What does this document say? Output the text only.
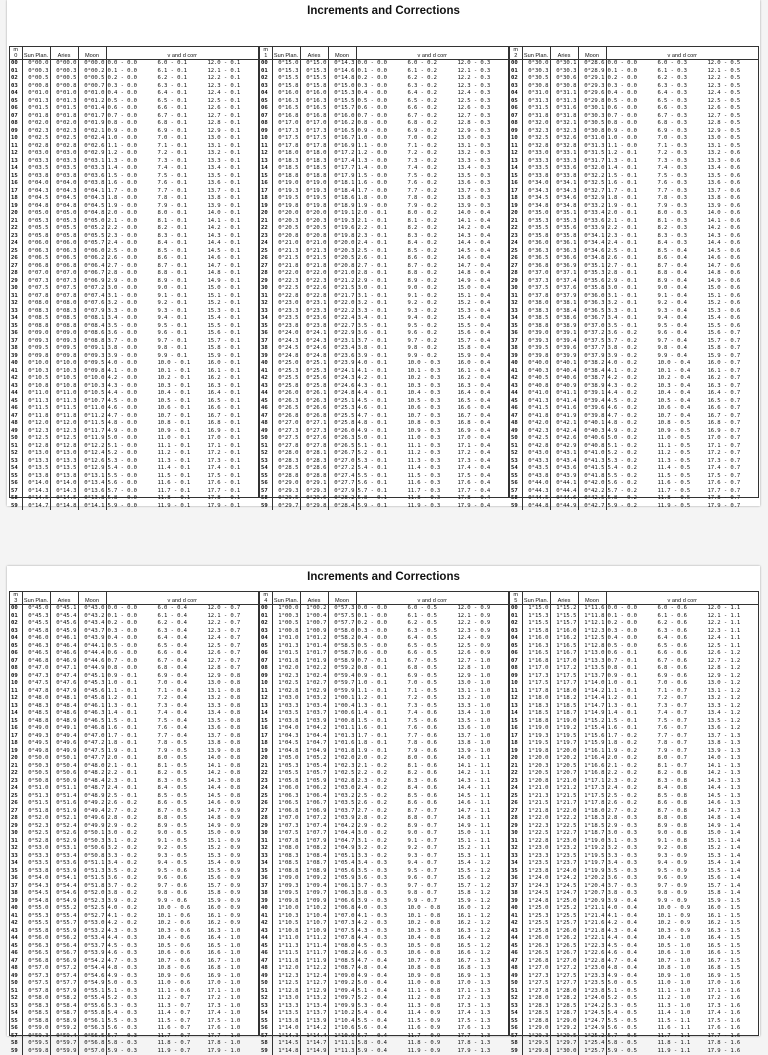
Increments and Corrections
m
0	Sun Plan.	Aries	Moon	v and d corr
00	0°00.0	0°00.0	0°00.0	0.0 - 0.0 6.0 - 0.1 12.0 - 0.1
01	0°00.3	0°00.3	0°00.2	0.1 - 0.0 6.1 - 0.1 12.1 - 0.1
02	0°00.5	0°00.5	0°00.5	0.2 - 0.0 6.2 - 0.1 12.2 - 0.1
03	0°00.8	0°00.8	0°00.7	0.3 - 0.0 6.3 - 0.1 12.3 - 0.1
04	0°01.0	0°01.0	0°01.0	0.4 - 0.0 6.4 - 0.1 12.4 - 0.1
05	0°01.3	0°01.3	0°01.2	0.5 - 0.0 6.5 - 0.1 12.5 - 0.1
06	0°01.5	0°01.5	0°01.4	0.6 - 0.0 6.6 - 0.1 12.6 - 0.1
07	0°01.8	0°01.8	0°01.7	0.7 - 0.0 6.7 - 0.1 12.7 - 0.1
08	0°02.0	0°02.0	0°01.9	0.8 - 0.0 6.8 - 0.1 12.8 - 0.1
09	0°02.3	0°02.3	0°02.1	0.9 - 0.0 6.9 - 0.1 12.9 - 0.1
10	0°02.5	0°02.5	0°02.4	1.0 - 0.0 7.0 - 0.1 13.0 - 0.1
11	0°02.8	0°02.8	0°02.6	1.1 - 0.0 7.1 - 0.1 13.1 - 0.1
12	0°03.0	0°03.0	0°02.9	1.2 - 0.0 7.2 - 0.1 13.2 - 0.1
13	0°03.3	0°03.3	0°03.1	1.3 - 0.0 7.3 - 0.1 13.3 - 0.1
14	0°03.5	0°03.5	0°03.3	1.4 - 0.0 7.4 - 0.1 13.4 - 0.1
15	0°03.8	0°03.8	0°03.6	1.5 - 0.0 7.5 - 0.1 13.5 - 0.1
16	0°04.0	0°04.0	0°03.8	1.6 - 0.0 7.6 - 0.1 13.6 - 0.1
17	0°04.3	0°04.3	0°04.1	1.7 - 0.0 7.7 - 0.1 13.7 - 0.1
18	0°04.5	0°04.5	0°04.3	1.8 - 0.0 7.8 - 0.1 13.8 - 0.1
19	0°04.8	0°04.8	0°04.5	1.9 - 0.0 7.9 - 0.1 13.9 - 0.1
20	0°05.0	0°05.0	0°04.8	2.0 - 0.0 8.0 - 0.1 14.0 - 0.1
21	0°05.3	0°05.3	0°05.0	2.1 - 0.0 8.1 - 0.1 14.1 - 0.1
22	0°05.5	0°05.5	0°05.2	2.2 - 0.0 8.2 - 0.1 14.2 - 0.1
23	0°05.8	0°05.8	0°05.5	2.3 - 0.0 8.3 - 0.1 14.3 - 0.1
24	0°06.0	0°06.0	0°05.7	2.4 - 0.0 8.4 - 0.1 14.4 - 0.1
25	0°06.3	0°06.3	0°06.0	2.5 - 0.0 8.5 - 0.1 14.5 - 0.1
26	0°06.5	0°06.5	0°06.2	2.6 - 0.0 8.6 - 0.1 14.6 - 0.1
27	0°06.8	0°06.8	0°06.4	2.7 - 0.0 8.7 - 0.1 14.7 - 0.1
28	0°07.0	0°07.0	0°06.7	2.8 - 0.0 8.8 - 0.1 14.8 - 0.1
29	0°07.3	0°07.3	0°06.9	2.9 - 0.0 8.9 - 0.1 14.9 - 0.1
30	0°07.5	0°07.5	0°07.2	3.0 - 0.0 9.0 - 0.1 15.0 - 0.1
31	0°07.8	0°07.8	0°07.4	3.1 - 0.0 9.1 - 0.1 15.1 - 0.1
32	0°08.0	0°08.0	0°07.6	3.2 - 0.0 9.2 - 0.1 15.2 - 0.1
33	0°08.3	0°08.3	0°07.9	3.3 - 0.0 9.3 - 0.1 15.3 - 0.1
34	0°08.5	0°08.5	0°08.1	3.4 - 0.0 9.4 - 0.1 15.4 - 0.1
35	0°08.8	0°08.8	0°08.4	3.5 - 0.0 9.5 - 0.1 15.5 - 0.1
36	0°09.0	0°09.0	0°08.6	3.6 - 0.0 9.6 - 0.1 15.6 - 0.1
37	0°09.3	0°09.3	0°08.8	3.7 - 0.0 9.7 - 0.1 15.7 - 0.1
38	0°09.5	0°09.5	0°09.1	3.8 - 0.0 9.8 - 0.1 15.8 - 0.1
39	0°09.8	0°09.8	0°09.3	3.9 - 0.0 9.9 - 0.1 15.9 - 0.1
40	0°10.0	0°10.0	0°09.5	4.0 - 0.0 10.0 - 0.1 16.0 - 0.1
41	0°10.3	0°10.3	0°09.8	4.1 - 0.0 10.1 - 0.1 16.1 - 0.1
42	0°10.5	0°10.5	0°10.0	4.2 - 0.0 10.2 - 0.1 16.2 - 0.1
43	0°10.8	0°10.8	0°10.3	4.3 - 0.0 10.3 - 0.1 16.3 - 0.1
44	0°11.0	0°11.0	0°10.5	4.4 - 0.0 10.4 - 0.1 16.4 - 0.1
45	0°11.3	0°11.3	0°10.7	4.5 - 0.0 10.5 - 0.1 16.5 - 0.1
46	0°11.5	0°11.5	0°11.0	4.6 - 0.0 10.6 - 0.1 16.6 - 0.1
47	0°11.8	0°11.8	0°11.2	4.7 - 0.0 10.7 - 0.1 16.7 - 0.1
48	0°12.0	0°12.0	0°11.5	4.8 - 0.0 10.8 - 0.1 16.8 - 0.1
49	0°12.3	0°12.3	0°11.7	4.9 - 0.0 10.9 - 0.1 16.9 - 0.1
50	0°12.5	0°12.5	0°11.9	5.0 - 0.0 11.0 - 0.1 17.0 - 0.1
51	0°12.8	0°12.8	0°12.2	5.1 - 0.0 11.1 - 0.1 17.1 - 0.1
52	0°13.0	0°13.0	0°12.4	5.2 - 0.0 11.2 - 0.1 17.2 - 0.1
53	0°13.3	0°13.3	0°12.6	5.3 - 0.0 11.3 - 0.1 17.3 - 0.1
54	0°13.5	0°13.5	0°12.9	5.4 - 0.0 11.4 - 0.1 17.4 - 0.1
55	0°13.8	0°13.8	0°13.1	5.5 - 0.0 11.5 - 0.1 17.5 - 0.1
56	0°14.0	0°14.0	0°13.4	5.6 - 0.0 11.6 - 0.1 17.6 - 0.1
57	0°14.3	0°14.3	0°13.6	5.7 - 0.0 11.7 - 0.1 17.7 - 0.1
58	0°14.5	0°14.5	0°13.8	5.8 - 0.0 11.8 - 0.1 17.8 - 0.1
59	0°14.7	0°14.8	0°14.1	5.9 - 0.0 11.9 - 0.1 17.9 - 0.1
m
1	Sun Plan.	Aries	Moon	v and d corr
00	0°15.0	0°15.0	0°14.3	0.0 - 0.0 6.0 - 0.2 12.0 - 0.3
01	0°15.3	0°15.3	0°14.6	0.1 - 0.0 6.1 - 0.2 12.1 - 0.3
02	0°15.5	0°15.5	0°14.8	0.2 - 0.0 6.2 - 0.2 12.2 - 0.3
03	0°15.8	0°15.8	0°15.0	0.3 - 0.0 6.3 - 0.2 12.3 - 0.3
04	0°16.0	0°16.0	0°15.3	0.4 - 0.0 6.4 - 0.2 12.4 - 0.3
05	0°16.3	0°16.3	0°15.5	0.5 - 0.0 6.5 - 0.2 12.5 - 0.3
06	0°16.5	0°16.5	0°15.7	0.6 - 0.0 6.6 - 0.2 12.6 - 0.3
07	0°16.8	0°16.8	0°16.0	0.7 - 0.0 6.7 - 0.2 12.7 - 0.3
08	0°17.0	0°17.0	0°16.2	0.8 - 0.0 6.8 - 0.2 12.8 - 0.3
09	0°17.3	0°17.3	0°16.5	0.9 - 0.0 6.9 - 0.2 12.9 - 0.3
10	0°17.5	0°17.5	0°16.7	1.0 - 0.0 7.0 - 0.2 13.0 - 0.3
11	0°17.8	0°17.8	0°16.9	1.1 - 0.0 7.1 - 0.2 13.1 - 0.3
12	0°18.0	0°18.0	0°17.2	1.2 - 0.0 7.2 - 0.2 13.2 - 0.3
13	0°18.3	0°18.3	0°17.4	1.3 - 0.0 7.3 - 0.2 13.3 - 0.3
14	0°18.5	0°18.5	0°17.7	1.4 - 0.0 7.4 - 0.2 13.4 - 0.3
15	0°18.8	0°18.8	0°17.9	1.5 - 0.0 7.5 - 0.2 13.5 - 0.3
16	0°19.0	0°19.0	0°18.1	1.6 - 0.0 7.6 - 0.2 13.6 - 0.3
17	0°19.3	0°19.3	0°18.4	1.7 - 0.0 7.7 - 0.2 13.7 - 0.3
18	0°19.5	0°19.5	0°18.6	1.8 - 0.0 7.8 - 0.2 13.8 - 0.3
19	0°19.8	0°19.8	0°18.9	1.9 - 0.0 7.9 - 0.2 13.9 - 0.3
20	0°20.0	0°20.0	0°19.1	2.0 - 0.1 8.0 - 0.2 14.0 - 0.4
21	0°20.3	0°20.3	0°19.3	2.1 - 0.1 8.1 - 0.2 14.1 - 0.4
22	0°20.5	0°20.5	0°19.6	2.2 - 0.1 8.2 - 0.2 14.2 - 0.4
23	0°20.8	0°20.8	0°19.8	2.3 - 0.1 8.3 - 0.2 14.3 - 0.4
24	0°21.0	0°21.0	0°20.0	2.4 - 0.1 8.4 - 0.2 14.4 - 0.4
25	0°21.3	0°21.3	0°20.3	2.5 - 0.1 8.5 - 0.2 14.5 - 0.4
26	0°21.5	0°21.5	0°20.5	2.6 - 0.1 8.6 - 0.2 14.6 - 0.4
27	0°21.8	0°21.8	0°20.8	2.7 - 0.1 8.7 - 0.2 14.7 - 0.4
28	0°22.0	0°22.0	0°21.0	2.8 - 0.1 8.8 - 0.2 14.8 - 0.4
29	0°22.3	0°22.3	0°21.2	2.9 - 0.1 8.9 - 0.2 14.9 - 0.4
30	0°22.5	0°22.6	0°21.5	3.0 - 0.1 9.0 - 0.2 15.0 - 0.4
31	0°22.8	0°22.8	0°21.7	3.1 - 0.1 9.1 - 0.2 15.1 - 0.4
32	0°23.0	0°23.1	0°22.0	3.2 - 0.1 9.2 - 0.2 15.2 - 0.4
33	0°23.3	0°23.3	0°22.2	3.3 - 0.1 9.3 - 0.2 15.3 - 0.4
34	0°23.5	0°23.6	0°22.4	3.4 - 0.1 9.4 - 0.2 15.4 - 0.4
35	0°23.8	0°23.8	0°22.7	3.5 - 0.1 9.5 - 0.2 15.5 - 0.4
36	0°24.0	0°24.1	0°22.9	3.6 - 0.1 9.6 - 0.2 15.6 - 0.4
37	0°24.3	0°24.3	0°23.1	3.7 - 0.1 9.7 - 0.2 15.7 - 0.4
38	0°24.5	0°24.6	0°23.4	3.8 - 0.1 9.8 - 0.2 15.8 - 0.4
39	0°24.8	0°24.8	0°23.6	3.9 - 0.1 9.9 - 0.2 15.9 - 0.4
40	0°25.0	0°25.1	0°23.9	4.0 - 0.1 10.0 - 0.3 16.0 - 0.4
41	0°25.3	0°25.3	0°24.1	4.1 - 0.1 10.1 - 0.3 16.1 - 0.4
42	0°25.5	0°25.6	0°24.3	4.2 - 0.1 10.2 - 0.3 16.2 - 0.4
43	0°25.8	0°25.8	0°24.6	4.3 - 0.1 10.3 - 0.3 16.3 - 0.4
44	0°26.0	0°26.1	0°24.8	4.4 - 0.1 10.4 - 0.3 16.4 - 0.4
45	0°26.3	0°26.3	0°25.1	4.5 - 0.1 10.5 - 0.3 16.5 - 0.4
46	0°26.5	0°26.6	0°25.3	4.6 - 0.1 10.6 - 0.3 16.6 - 0.4
47	0°26.8	0°26.8	0°25.5	4.7 - 0.1 10.7 - 0.3 16.7 - 0.4
48	0°27.0	0°27.1	0°25.8	4.8 - 0.1 10.8 - 0.3 16.8 - 0.4
49	0°27.3	0°27.3	0°26.0	4.9 - 0.1 10.9 - 0.3 16.9 - 0.4
50	0°27.5	0°27.6	0°26.3	5.0 - 0.1 11.0 - 0.3 17.0 - 0.4
51	0°27.8	0°27.8	0°26.5	5.1 - 0.1 11.1 - 0.3 17.1 - 0.4
52	0°28.0	0°28.1	0°26.7	5.2 - 0.1 11.2 - 0.3 17.2 - 0.4
53	0°28.3	0°28.3	0°27.0	5.3 - 0.1 11.3 - 0.3 17.3 - 0.4
54	0°28.5	0°28.6	0°27.2	5.4 - 0.1 11.4 - 0.3 17.4 - 0.4
55	0°28.8	0°28.8	0°27.4	5.5 - 0.1 11.5 - 0.3 17.5 - 0.4
56	0°29.0	0°29.1	0°27.7	5.6 - 0.1 11.6 - 0.3 17.6 - 0.4
57	0°29.3	0°29.3	0°27.9	5.7 - 0.1 11.7 - 0.3 17.7 - 0.4
58	0°29.5	0°29.6	0°28.2	5.8 - 0.1 11.8 - 0.3 17.8 - 0.4
59	0°29.7	0°29.8	0°28.4	5.9 - 0.1 11.9 - 0.3 17.9 - 0.4
m
2	Sun Plan.	Aries	Moon	v and d corr
00	0°30.0	0°30.1	0°28.6	0.0 - 0.0 6.0 - 0.3 12.0 - 0.5
01	0°30.3	0°30.3	0°28.9	0.1 - 0.0 6.1 - 0.3 12.1 - 0.5
02	0°30.5	0°30.6	0°29.1	0.2 - 0.0 6.2 - 0.3 12.2 - 0.5
03	0°30.8	0°30.8	0°29.3	0.3 - 0.0 6.3 - 0.3 12.3 - 0.5
04	0°31.0	0°31.1	0°29.6	0.4 - 0.0 6.4 - 0.3 12.4 - 0.5
05	0°31.3	0°31.3	0°29.8	0.5 - 0.0 6.5 - 0.3 12.5 - 0.5
06	0°31.5	0°31.6	0°30.1	0.6 - 0.0 6.6 - 0.3 12.6 - 0.5
07	0°31.8	0°31.8	0°30.3	0.7 - 0.0 6.7 - 0.3 12.7 - 0.5
08	0°32.0	0°32.1	0°30.5	0.8 - 0.0 6.8 - 0.3 12.8 - 0.5
09	0°32.3	0°32.3	0°30.8	0.9 - 0.0 6.9 - 0.3 12.9 - 0.5
10	0°32.5	0°32.6	0°31.0	1.0 - 0.0 7.0 - 0.3 13.0 - 0.5
11	0°32.8	0°32.8	0°31.3	1.1 - 0.0 7.1 - 0.3 13.1 - 0.5
12	0°33.0	0°33.1	0°31.5	1.2 - 0.1 7.2 - 0.3 13.2 - 0.6
13	0°33.3	0°33.3	0°31.7	1.3 - 0.1 7.3 - 0.3 13.3 - 0.6
14	0°33.5	0°33.6	0°32.0	1.4 - 0.1 7.4 - 0.3 13.4 - 0.6
15	0°33.8	0°33.8	0°32.2	1.5 - 0.1 7.5 - 0.3 13.5 - 0.6
16	0°34.0	0°34.1	0°32.5	1.6 - 0.1 7.6 - 0.3 13.6 - 0.6
17	0°34.3	0°34.3	0°32.7	1.7 - 0.1 7.7 - 0.3 13.7 - 0.6
18	0°34.5	0°34.6	0°32.9	1.8 - 0.1 7.8 - 0.3 13.8 - 0.6
19	0°34.8	0°34.8	0°33.2	1.9 - 0.1 7.9 - 0.3 13.9 - 0.6
20	0°35.0	0°35.1	0°33.4	2.0 - 0.1 8.0 - 0.3 14.0 - 0.6
21	0°35.3	0°35.3	0°33.6	2.1 - 0.1 8.1 - 0.3 14.1 - 0.6
22	0°35.5	0°35.6	0°33.9	2.2 - 0.1 8.2 - 0.3 14.2 - 0.6
23	0°35.8	0°35.8	0°34.1	2.3 - 0.1 8.3 - 0.3 14.3 - 0.6
24	0°36.0	0°36.1	0°34.4	2.4 - 0.1 8.4 - 0.3 14.4 - 0.6
25	0°36.3	0°36.3	0°34.6	2.5 - 0.1 8.5 - 0.4 14.5 - 0.6
26	0°36.5	0°36.6	0°34.8	2.6 - 0.1 8.6 - 0.4 14.6 - 0.6
27	0°36.8	0°36.9	0°35.1	2.7 - 0.1 8.7 - 0.4 14.7 - 0.6
28	0°37.0	0°37.1	0°35.3	2.8 - 0.1 8.8 - 0.4 14.8 - 0.6
29	0°37.3	0°37.4	0°35.6	2.9 - 0.1 8.9 - 0.4 14.9 - 0.6
30	0°37.5	0°37.6	0°35.8	3.0 - 0.1 9.0 - 0.4 15.0 - 0.6
31	0°37.8	0°37.9	0°36.0	3.1 - 0.1 9.1 - 0.4 15.1 - 0.6
32	0°38.0	0°38.1	0°36.3	3.2 - 0.1 9.2 - 0.4 15.2 - 0.6
33	0°38.3	0°38.4	0°36.5	3.3 - 0.1 9.3 - 0.4 15.3 - 0.6
34	0°38.5	0°38.6	0°36.7	3.4 - 0.1 9.4 - 0.4 15.4 - 0.6
35	0°38.8	0°38.9	0°37.0	3.5 - 0.1 9.5 - 0.4 15.5 - 0.6
36	0°39.0	0°39.1	0°37.2	3.6 - 0.2 9.6 - 0.4 15.6 - 0.7
37	0°39.3	0°39.4	0°37.5	3.7 - 0.2 9.7 - 0.4 15.7 - 0.7
38	0°39.5	0°39.6	0°37.7	3.8 - 0.2 9.8 - 0.4 15.8 - 0.7
39	0°39.8	0°39.9	0°37.9	3.9 - 0.2 9.9 - 0.4 15.9 - 0.7
40	0°40.0	0°40.1	0°38.2	4.0 - 0.2 10.0 - 0.4 16.0 - 0.7
41	0°40.3	0°40.4	0°38.4	4.1 - 0.2 10.1 - 0.4 16.1 - 0.7
42	0°40.5	0°40.6	0°38.7	4.2 - 0.2 10.2 - 0.4 16.2 - 0.7
43	0°40.8	0°40.9	0°38.9	4.3 - 0.2 10.3 - 0.4 16.3 - 0.7
44	0°41.0	0°41.1	0°39.1	4.4 - 0.2 10.4 - 0.4 16.4 - 0.7
45	0°41.3	0°41.4	0°39.4	4.5 - 0.2 10.5 - 0.4 16.5 - 0.7
46	0°41.5	0°41.6	0°39.6	4.6 - 0.2 10.6 - 0.4 16.6 - 0.7
47	0°41.8	0°41.9	0°39.8	4.7 - 0.2 10.7 - 0.4 16.7 - 0.7
48	0°42.0	0°42.1	0°40.1	4.8 - 0.2 10.8 - 0.5 16.8 - 0.7
49	0°42.3	0°42.4	0°40.3	4.9 - 0.2 10.9 - 0.5 16.9 - 0.7
50	0°42.5	0°42.6	0°40.6	5.0 - 0.2 11.0 - 0.5 17.0 - 0.7
51	0°42.8	0°42.9	0°40.8	5.1 - 0.2 11.1 - 0.5 17.1 - 0.7
52	0°43.0	0°43.1	0°41.0	5.2 - 0.2 11.2 - 0.5 17.2 - 0.7
53	0°43.3	0°43.4	0°41.3	5.3 - 0.2 11.3 - 0.5 17.3 - 0.7
54	0°43.5	0°43.6	0°41.5	5.4 - 0.2 11.4 - 0.5 17.4 - 0.7
55	0°43.8	0°43.9	0°41.8	5.5 - 0.2 11.5 - 0.5 17.5 - 0.7
56	0°44.0	0°44.1	0°42.0	5.6 - 0.2 11.6 - 0.5 17.6 - 0.7
57	0°44.3	0°44.4	0°42.2	5.7 - 0.2 11.7 - 0.5 17.7 - 0.7
58	0°44.5	0°44.6	0°42.5	5.8 - 0.2 11.8 - 0.5 17.8 - 0.7
59	0°44.8	0°44.9	0°42.7	5.9 - 0.2 11.9 - 0.5 17.9 - 0.7
Increments and Corrections
m
3	Sun Plan.	Aries	Moon	v and d corr
00	0°45.0	0°45.1	0°43.0	0.0 - 0.0 6.0 - 0.4 12.0 - 0.7
01	0°45.3	0°45.4	0°43.2	0.1 - 0.0 6.1 - 0.4 12.1 - 0.7
02	0°45.5	0°45.6	0°43.4	0.2 - 0.0 6.2 - 0.4 12.2 - 0.7
03	0°45.8	0°45.9	0°43.7	0.3 - 0.0 6.3 - 0.4 12.3 - 0.7
04	0°46.0	0°46.1	0°43.9	0.4 - 0.0 6.4 - 0.4 12.4 - 0.7
05	0°46.3	0°46.4	0°44.1	0.5 - 0.0 6.5 - 0.4 12.5 - 0.7
06	0°46.5	0°46.6	0°44.4	0.6 - 0.0 6.6 - 0.4 12.6 - 0.7
07	0°46.8	0°46.9	0°44.6	0.7 - 0.0 6.7 - 0.4 12.7 - 0.7
08	0°47.0	0°47.1	0°44.9	0.8 - 0.0 6.8 - 0.4 12.8 - 0.7
09	0°47.3	0°47.4	0°45.1	0.9 - 0.1 6.9 - 0.4 12.9 - 0.8
10	0°47.5	0°47.6	0°45.3	1.0 - 0.1 7.0 - 0.4 13.0 - 0.8
11	0°47.8	0°47.9	0°45.6	1.1 - 0.1 7.1 - 0.4 13.1 - 0.8
12	0°48.0	0°48.1	0°45.8	1.2 - 0.1 7.2 - 0.4 13.2 - 0.8
13	0°48.3	0°48.4	0°46.1	1.3 - 0.1 7.3 - 0.4 13.3 - 0.8
14	0°48.5	0°48.6	0°46.3	1.4 - 0.1 7.4 - 0.4 13.4 - 0.8
15	0°48.8	0°48.9	0°46.5	1.5 - 0.1 7.5 - 0.4 13.5 - 0.8
16	0°49.0	0°49.1	0°46.8	1.6 - 0.1 7.6 - 0.4 13.6 - 0.8
17	0°49.3	0°49.4	0°47.0	1.7 - 0.1 7.7 - 0.4 13.7 - 0.8
18	0°49.5	0°49.6	0°47.2	1.8 - 0.1 7.8 - 0.5 13.8 - 0.8
19	0°49.8	0°49.9	0°47.5	1.9 - 0.1 7.9 - 0.5 13.9 - 0.8
20	0°50.0	0°50.1	0°47.7	2.0 - 0.1 8.0 - 0.5 14.0 - 0.8
21	0°50.3	0°50.4	0°48.0	2.1 - 0.1 8.1 - 0.5 14.1 - 0.8
22	0°50.5	0°50.6	0°48.2	2.2 - 0.1 8.2 - 0.5 14.2 - 0.8
23	0°50.8	0°50.9	0°48.4	2.3 - 0.1 8.3 - 0.5 14.3 - 0.8
24	0°51.0	0°51.1	0°48.7	2.4 - 0.1 8.4 - 0.5 14.4 - 0.8
25	0°51.3	0°51.4	0°48.9	2.5 - 0.1 8.5 - 0.5 14.5 - 0.8
26	0°51.5	0°51.6	0°49.2	2.6 - 0.2 8.6 - 0.5 14.6 - 0.9
27	0°51.8	0°51.9	0°49.4	2.7 - 0.2 8.7 - 0.5 14.7 - 0.9
28	0°52.0	0°52.1	0°49.6	2.8 - 0.2 8.8 - 0.5 14.8 - 0.9
29	0°52.3	0°52.4	0°49.9	2.9 - 0.2 8.9 - 0.5 14.9 - 0.9
30	0°52.5	0°52.6	0°50.1	3.0 - 0.2 9.0 - 0.5 15.0 - 0.9
31	0°52.8	0°52.9	0°50.3	3.1 - 0.2 9.1 - 0.5 15.1 - 0.9
32	0°53.0	0°53.1	0°50.6	3.2 - 0.2 9.2 - 0.5 15.2 - 0.9
33	0°53.3	0°53.4	0°50.8	3.3 - 0.2 9.3 - 0.5 15.3 - 0.9
34	0°53.5	0°53.6	0°51.1	3.4 - 0.2 9.4 - 0.5 15.4 - 0.9
35	0°53.8	0°53.9	0°51.3	3.5 - 0.2 9.5 - 0.6 15.5 - 0.9
36	0°54.0	0°54.1	0°51.5	3.6 - 0.2 9.6 - 0.6 15.6 - 0.9
37	0°54.3	0°54.4	0°51.8	3.7 - 0.2 9.7 - 0.6 15.7 - 0.9
38	0°54.5	0°54.6	0°52.0	3.8 - 0.2 9.8 - 0.6 15.8 - 0.9
39	0°54.8	0°54.9	0°52.3	3.9 - 0.2 9.9 - 0.6 15.9 - 0.9
40	0°55.0	0°55.2	0°52.5	4.0 - 0.2 10.0 - 0.6 16.0 - 0.9
41	0°55.3	0°55.4	0°52.7	4.1 - 0.2 10.1 - 0.6 16.1 - 0.9
42	0°55.5	0°55.7	0°53.0	4.2 - 0.2 10.2 - 0.6 16.2 - 0.9
43	0°55.8	0°55.9	0°53.2	4.3 - 0.3 10.3 - 0.6 16.3 - 1.0
44	0°56.0	0°56.2	0°53.4	4.4 - 0.3 10.4 - 0.6 16.4 - 1.0
45	0°56.3	0°56.4	0°53.7	4.5 - 0.3 10.5 - 0.6 16.5 - 1.0
46	0°56.5	0°56.7	0°53.9	4.6 - 0.3 10.6 - 0.6 16.6 - 1.0
47	0°56.8	0°56.9	0°54.2	4.7 - 0.3 10.7 - 0.6 16.7 - 1.0
48	0°57.0	0°57.2	0°54.4	4.8 - 0.3 10.8 - 0.6 16.8 - 1.0
49	0°57.3	0°57.4	0°54.6	4.9 - 0.3 10.9 - 0.6 16.9 - 1.0
50	0°57.5	0°57.7	0°54.9	5.0 - 0.3 11.0 - 0.6 17.0 - 1.0
51	0°57.8	0°57.9	0°55.1	5.1 - 0.3 11.1 - 0.6 17.1 - 1.0
52	0°58.0	0°58.2	0°55.4	5.2 - 0.3 11.2 - 0.7 17.2 - 1.0
53	0°58.3	0°58.4	0°55.6	5.3 - 0.3 11.3 - 0.7 17.3 - 1.0
54	0°58.5	0°58.7	0°55.8	5.4 - 0.3 11.4 - 0.7 17.4 - 1.0
55	0°58.8	0°58.9	0°56.1	5.5 - 0.3 11.5 - 0.7 17.5 - 1.0
56	0°59.0	0°59.2	0°56.3	5.6 - 0.3 11.6 - 0.7 17.6 - 1.0
57	0°59.3	0°59.4	0°56.5	5.7 - 0.3 11.7 - 0.7 17.7 - 1.0
58	0°59.5	0°59.7	0°56.8	5.8 - 0.3 11.8 - 0.7 17.8 - 1.0
59	0°59.8	0°59.9	0°57.0	5.9 - 0.3 11.9 - 0.7 17.9 - 1.0
m
4	Sun Plan.	Aries	Moon	v and d corr
00	1°00.0	1°00.2	0°57.3	0.0 - 0.0 6.0 - 0.5 12.0 - 0.9
01	1°00.3	1°00.4	0°57.5	0.1 - 0.0 6.1 - 0.5 12.1 - 0.9
02	1°00.5	1°00.7	0°57.7	0.2 - 0.0 6.2 - 0.5 12.2 - 0.9
03	1°00.8	1°00.9	0°58.0	0.3 - 0.0 6.3 - 0.5 12.3 - 0.9
04	1°01.0	1°01.2	0°58.2	0.4 - 0.0 6.4 - 0.5 12.4 - 0.9
05	1°01.3	1°01.4	0°58.5	0.5 - 0.0 6.5 - 0.5 12.5 - 0.9
06	1°01.5	1°01.7	0°58.7	0.6 - 0.0 6.6 - 0.5 12.6 - 0.9
07	1°01.8	1°01.9	0°58.9	0.7 - 0.1 6.7 - 0.5 12.7 - 1.0
08	1°02.0	1°02.2	0°59.2	0.8 - 0.1 6.8 - 0.5 12.8 - 1.0
09	1°02.3	1°02.4	0°59.4	0.9 - 0.1 6.9 - 0.5 12.9 - 1.0
10	1°02.5	1°02.7	0°59.7	1.0 - 0.1 7.0 - 0.5 13.0 - 1.0
11	1°02.8	1°02.9	0°59.9	1.1 - 0.1 7.1 - 0.5 13.1 - 1.0
12	1°03.0	1°03.2	1°00.1	1.2 - 0.1 7.2 - 0.5 13.2 - 1.0
13	1°03.3	1°03.4	1°00.4	1.3 - 0.1 7.3 - 0.5 13.3 - 1.0
14	1°03.5	1°03.7	1°00.6	1.4 - 0.1 7.4 - 0.6 13.4 - 1.0
15	1°03.8	1°03.9	1°00.8	1.5 - 0.1 7.5 - 0.6 13.5 - 1.0
16	1°04.0	1°04.2	1°01.1	1.6 - 0.1 7.6 - 0.6 13.6 - 1.0
17	1°04.3	1°04.4	1°01.3	1.7 - 0.1 7.7 - 0.6 13.7 - 1.0
18	1°04.5	1°04.7	1°01.6	1.8 - 0.1 7.8 - 0.6 13.8 - 1.0
19	1°04.8	1°04.9	1°01.8	1.9 - 0.1 7.9 - 0.6 13.9 - 1.0
20	1°05.0	1°05.2	1°02.0	2.0 - 0.2 8.0 - 0.6 14.0 - 1.1
21	1°05.3	1°05.4	1°02.3	2.1 - 0.2 8.1 - 0.6 14.1 - 1.1
22	1°05.5	1°05.7	1°02.5	2.2 - 0.2 8.2 - 0.6 14.2 - 1.1
23	1°05.8	1°05.9	1°02.8	2.3 - 0.2 8.3 - 0.6 14.3 - 1.1
24	1°06.0	1°06.2	1°03.0	2.4 - 0.2 8.4 - 0.6 14.4 - 1.1
25	1°06.3	1°06.4	1°03.2	2.5 - 0.2 8.5 - 0.6 14.5 - 1.1
26	1°06.5	1°06.7	1°03.5	2.6 - 0.2 8.6 - 0.6 14.6 - 1.1
27	1°06.8	1°06.9	1°03.7	2.7 - 0.2 8.7 - 0.7 14.7 - 1.1
28	1°07.0	1°07.2	1°03.9	2.8 - 0.2 8.8 - 0.7 14.8 - 1.1
29	1°07.3	1°07.4	1°04.2	2.9 - 0.2 8.9 - 0.7 14.9 - 1.1
30	1°07.5	1°07.7	1°04.4	3.0 - 0.2 9.0 - 0.7 15.0 - 1.1
31	1°07.8	1°07.9	1°04.7	3.1 - 0.2 9.1 - 0.7 15.1 - 1.1
32	1°08.0	1°08.2	1°04.9	3.2 - 0.2 9.2 - 0.7 15.2 - 1.1
33	1°08.3	1°08.4	1°05.1	3.3 - 0.2 9.3 - 0.7 15.3 - 1.1
34	1°08.5	1°08.7	1°05.4	3.4 - 0.3 9.4 - 0.7 15.4 - 1.2
35	1°08.8	1°08.9	1°05.6	3.5 - 0.3 9.5 - 0.7 15.5 - 1.2
36	1°09.0	1°09.2	1°05.9	3.6 - 0.3 9.6 - 0.7 15.6 - 1.2
37	1°09.3	1°09.4	1°06.1	3.7 - 0.3 9.7 - 0.7 15.7 - 1.2
38	1°09.5	1°09.7	1°06.3	3.8 - 0.3 9.8 - 0.7 15.8 - 1.2
39	1°09.8	1°09.9	1°06.6	3.9 - 0.3 9.9 - 0.7 15.9 - 1.2
40	1°10.0	1°10.2	1°06.8	4.0 - 0.3 10.0 - 0.8 16.0 - 1.2
41	1°10.3	1°10.4	1°07.0	4.1 - 0.3 10.1 - 0.8 16.1 - 1.2
42	1°10.5	1°10.7	1°07.3	4.2 - 0.3 10.2 - 0.8 16.2 - 1.2
43	1°10.8	1°10.9	1°07.5	4.3 - 0.3 10.3 - 0.8 16.3 - 1.2
44	1°11.0	1°11.2	1°07.8	4.4 - 0.3 10.4 - 0.8 16.4 - 1.2
45	1°11.3	1°11.4	1°08.0	4.5 - 0.3 10.5 - 0.8 16.5 - 1.2
46	1°11.5	1°11.7	1°08.2	4.6 - 0.3 10.6 - 0.8 16.6 - 1.2
47	1°11.8	1°11.9	1°08.5	4.7 - 0.4 10.7 - 0.8 16.7 - 1.3
48	1°12.0	1°12.2	1°08.7	4.8 - 0.4 10.8 - 0.8 16.8 - 1.3
49	1°12.3	1°12.4	1°09.0	4.9 - 0.4 10.9 - 0.8 16.9 - 1.3
50	1°12.5	1°12.7	1°09.2	5.0 - 0.4 11.0 - 0.8 17.0 - 1.3
51	1°12.8	1°12.9	1°09.4	5.1 - 0.4 11.1 - 0.8 17.1 - 1.3
52	1°13.0	1°13.2	1°09.7	5.2 - 0.4 11.2 - 0.8 17.2 - 1.3
53	1°13.3	1°13.4	1°09.9	5.3 - 0.4 11.3 - 0.8 17.3 - 1.3
54	1°13.5	1°13.7	1°10.2	5.4 - 0.4 11.4 - 0.9 17.4 - 1.3
55	1°13.8	1°13.9	1°10.4	5.5 - 0.4 11.5 - 0.9 17.5 - 1.3
56	1°14.0	1°14.2	1°10.6	5.6 - 0.4 11.6 - 0.9 17.6 - 1.3
57	1°14.3	1°14.4	1°10.9	5.7 - 0.4 11.7 - 0.9 17.7 - 1.3
58	1°14.5	1°14.7	1°11.1	5.8 - 0.4 11.8 - 0.9 17.8 - 1.3
59	1°14.8	1°14.9	1°11.3	5.9 - 0.4 11.9 - 0.9 17.9 - 1.3
m
5	Sun Plan.	Aries	Moon	v and d corr
00	1°15.0	1°15.2	1°11.6	0.0 - 0.0 6.0 - 0.6 12.0 - 1.1
01	1°15.3	1°15.5	1°11.8	0.1 - 0.0 6.1 - 0.6 12.1 - 1.1
02	1°15.5	1°15.7	1°12.1	0.2 - 0.0 6.2 - 0.6 12.2 - 1.1
03	1°15.8	1°16.0	1°12.3	0.3 - 0.0 6.3 - 0.6 12.3 - 1.1
04	1°16.0	1°16.2	1°12.5	0.4 - 0.0 6.4 - 0.6 12.4 - 1.1
05	1°16.3	1°16.5	1°12.8	0.5 - 0.0 6.5 - 0.6 12.5 - 1.1
06	1°16.5	1°16.7	1°13.0	0.6 - 0.1 6.6 - 0.6 12.6 - 1.2
07	1°16.8	1°17.0	1°13.3	0.7 - 0.1 6.7 - 0.6 12.7 - 1.2
08	1°17.0	1°17.2	1°13.5	0.8 - 0.1 6.8 - 0.6 12.8 - 1.2
09	1°17.3	1°17.5	1°13.7	0.9 - 0.1 6.9 - 0.6 12.9 - 1.2
10	1°17.5	1°17.7	1°14.0	1.0 - 0.1 7.0 - 0.6 13.0 - 1.2
11	1°17.8	1°18.0	1°14.2	1.1 - 0.1 7.1 - 0.7 13.1 - 1.2
12	1°18.0	1°18.2	1°14.4	1.2 - 0.1 7.2 - 0.7 13.2 - 1.2
13	1°18.3	1°18.5	1°14.7	1.3 - 0.1 7.3 - 0.7 13.3 - 1.2
14	1°18.5	1°18.7	1°14.9	1.4 - 0.1 7.4 - 0.7 13.4 - 1.2
15	1°18.8	1°19.0	1°15.2	1.5 - 0.1 7.5 - 0.7 13.5 - 1.2
16	1°19.0	1°19.2	1°15.4	1.6 - 0.1 7.6 - 0.7 13.6 - 1.2
17	1°19.3	1°19.5	1°15.6	1.7 - 0.2 7.7 - 0.7 13.7 - 1.3
18	1°19.5	1°19.7	1°15.9	1.8 - 0.2 7.8 - 0.7 13.8 - 1.3
19	1°19.8	1°20.0	1°16.1	1.9 - 0.2 7.9 - 0.7 13.9 - 1.3
20	1°20.0	1°20.2	1°16.4	2.0 - 0.2 8.0 - 0.7 14.0 - 1.3
21	1°20.3	1°20.5	1°16.6	2.1 - 0.2 8.1 - 0.7 14.1 - 1.3
22	1°20.5	1°20.7	1°16.8	2.2 - 0.2 8.2 - 0.8 14.2 - 1.3
23	1°20.8	1°21.0	1°17.1	2.3 - 0.2 8.3 - 0.8 14.3 - 1.3
24	1°21.0	1°21.2	1°17.3	2.4 - 0.2 8.4 - 0.8 14.4 - 1.3
25	1°21.3	1°21.5	1°17.5	2.5 - 0.2 8.5 - 0.8 14.5 - 1.3
26	1°21.5	1°21.7	1°17.8	2.6 - 0.2 8.6 - 0.8 14.6 - 1.3
27	1°21.8	1°22.0	1°18.0	2.7 - 0.2 8.7 - 0.8 14.7 - 1.3
28	1°22.0	1°22.2	1°18.3	2.8 - 0.3 8.8 - 0.8 14.8 - 1.4
29	1°22.3	1°22.5	1°18.5	2.9 - 0.3 8.9 - 0.8 14.9 - 1.4
30	1°22.5	1°22.7	1°18.7	3.0 - 0.3 9.0 - 0.8 15.0 - 1.4
31	1°22.8	1°23.0	1°19.0	3.1 - 0.3 9.1 - 0.8 15.1 - 1.4
32	1°23.0	1°23.2	1°19.2	3.2 - 0.3 9.2 - 0.8 15.2 - 1.4
33	1°23.3	1°23.5	1°19.5	3.3 - 0.3 9.3 - 0.9 15.3 - 1.4
34	1°23.5	1°23.7	1°19.7	3.4 - 0.3 9.4 - 0.9 15.4 - 1.4
35	1°23.8	1°24.0	1°19.9	3.5 - 0.3 9.5 - 0.9 15.5 - 1.4
36	1°24.0	1°24.2	1°20.2	3.6 - 0.3 9.6 - 0.9 15.6 - 1.4
37	1°24.3	1°24.5	1°20.4	3.7 - 0.3 9.7 - 0.9 15.7 - 1.4
38	1°24.5	1°24.7	1°20.7	3.8 - 0.3 9.8 - 0.9 15.8 - 1.4
39	1°24.8	1°25.0	1°20.9	3.9 - 0.4 9.9 - 0.9 15.9 - 1.5
40	1°25.0	1°25.2	1°21.1	4.0 - 0.4 10.0 - 0.9 16.0 - 1.5
41	1°25.3	1°25.5	1°21.4	4.1 - 0.4 10.1 - 0.9 16.1 - 1.5
42	1°25.5	1°25.7	1°21.6	4.2 - 0.4 10.2 - 0.9 16.2 - 1.5
43	1°25.8	1°26.0	1°21.8	4.3 - 0.4 10.3 - 0.9 16.3 - 1.5
44	1°26.0	1°26.2	1°22.1	4.4 - 0.4 10.4 - 1.0 16.4 - 1.5
45	1°26.3	1°26.5	1°22.3	4.5 - 0.4 10.5 - 1.0 16.5 - 1.5
46	1°26.5	1°26.7	1°22.6	4.6 - 0.4 10.6 - 1.0 16.6 - 1.5
47	1°26.8	1°27.0	1°22.8	4.7 - 0.4 10.7 - 1.0 16.7 - 1.5
48	1°27.0	1°27.2	1°23.0	4.8 - 0.4 10.8 - 1.0 16.8 - 1.5
49	1°27.3	1°27.5	1°23.3	4.9 - 0.4 10.9 - 1.0 16.9 - 1.5
50	1°27.5	1°27.7	1°23.5	5.0 - 0.5 11.0 - 1.0 17.0 - 1.6
51	1°27.8	1°28.0	1°23.8	5.1 - 0.5 11.1 - 1.0 17.1 - 1.6
52	1°28.0	1°28.2	1°24.0	5.2 - 0.5 11.2 - 1.0 17.2 - 1.6
53	1°28.3	1°28.5	1°24.2	5.3 - 0.5 11.3 - 1.0 17.3 - 1.6
54	1°28.5	1°28.7	1°24.5	5.4 - 0.5 11.4 - 1.0 17.4 - 1.6
55	1°28.8	1°29.0	1°24.7	5.5 - 0.5 11.5 - 1.1 17.5 - 1.6
56	1°29.0	1°29.2	1°24.9	5.6 - 0.5 11.6 - 1.1 17.6 - 1.6
57	1°29.3	1°29.5	1°25.2	5.7 - 0.5 11.7 - 1.1 17.7 - 1.6
58	1°29.5	1°29.7	1°25.4	5.8 - 0.5 11.8 - 1.1 17.8 - 1.6
59	1°29.8	1°30.0	1°25.7	5.9 - 0.5 11.9 - 1.1 17.9 - 1.6
